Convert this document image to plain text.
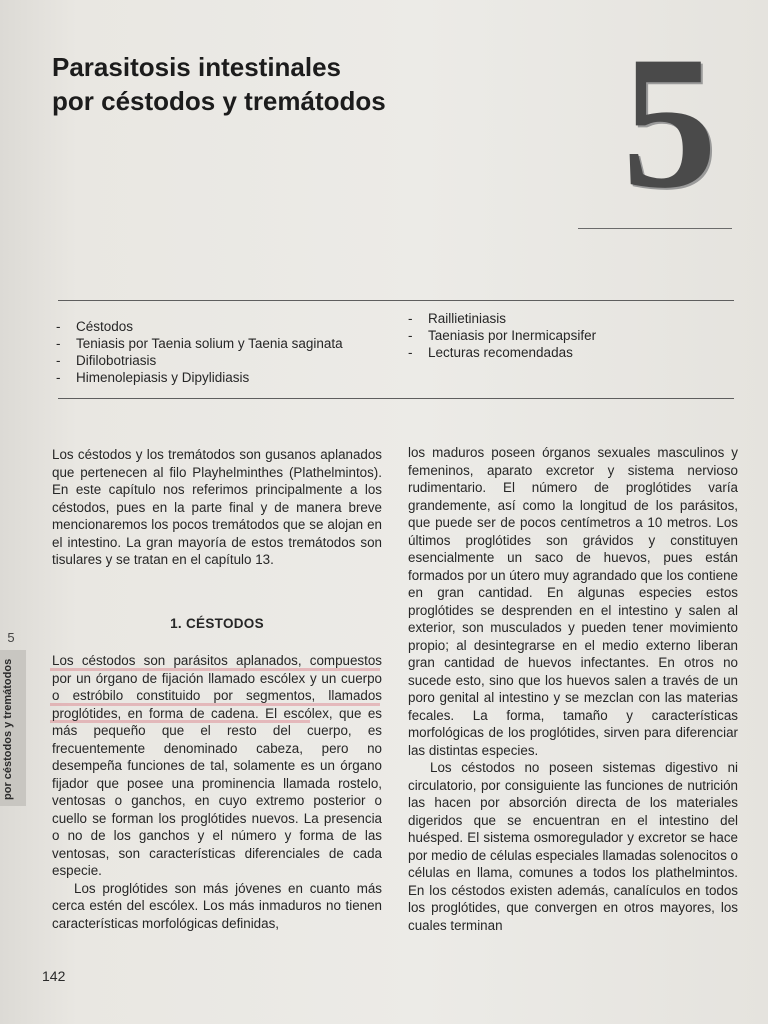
Parasitosis intestinales
por céstodos y tremátodos	5
- Céstodos
- Teniasis por Taenia solium y Taenia saginata
- Difilobotriasis
- Himenolepiasis y Dipylidiasis
- Raillietiniasis
- Taeniasis por Inermicapsifer
- Lecturas recomendadas

Los céstodos y los tremátodos son gusanos aplanados que pertenecen al filo Playhelminthes (Plathelmintos). En este capítulo nos referimos principalmente a los céstodos, pues en la parte final y de manera breve mencionaremos los pocos tremátodos que se alojan en el intestino. La gran mayoría de estos tremátodos son tisulares y se tratan en el capítulo 13.

1. CÉSTODOS

Los céstodos son parásitos aplanados, compuestos por un órgano de fijación llamado escólex y un cuerpo o estróbilo constituido por segmentos, llamados proglótides, en forma de cadena. El escólex, que es más pequeño que el resto del cuerpo, es frecuentemente denominado cabeza, pero no desempeña funciones de tal, solamente es un órgano fijador que posee una prominencia llamada rostelo, ventosas o ganchos, en cuyo extremo posterior o cuello se forman los proglótides nuevos. La presencia o no de los ganchos y el número y forma de las ventosas, son características diferenciales de cada especie.

Los proglótides son más jóvenes en cuanto más cerca estén del escólex. Los más inmaduros no tienen características morfológicas definidas,

los maduros poseen órganos sexuales masculinos y femeninos, aparato excretor y sistema nervioso rudimentario. El número de proglótides varía grandemente, así como la longitud de los parásitos, que puede ser de pocos centímetros a 10 metros. Los últimos proglótides son grávidos y constituyen esencialmente un saco de huevos, pues están formados por un útero muy agrandado que los contiene en gran cantidad. En algunas especies estos proglótides se desprenden en el intestino y salen al exterior, son musculados y pueden tener movimiento propio; al desintegrarse en el medio externo liberan gran cantidad de huevos infectantes. En otros no sucede esto, sino que los huevos salen a través de un poro genital al intestino y se mezclan con las materias fecales. La forma, tamaño y características morfológicas de los proglótides, sirven para diferenciar las distintas especies.

Los céstodos no poseen sistemas digestivo ni circulatorio, por consiguiente las funciones de nutrición las hacen por absorción directa de los materiales digeridos que se encuentran en el intestino del huésped. El sistema osmoregulador y excretor se hace por medio de células especiales llamadas solenocitos o células en llama, comunes a todos los plathelmintos. En los céstodos existen además, canalículos en todos los proglótides, que convergen en otros mayores, los cuales terminan

5
por céstodos y tremátodos
142
